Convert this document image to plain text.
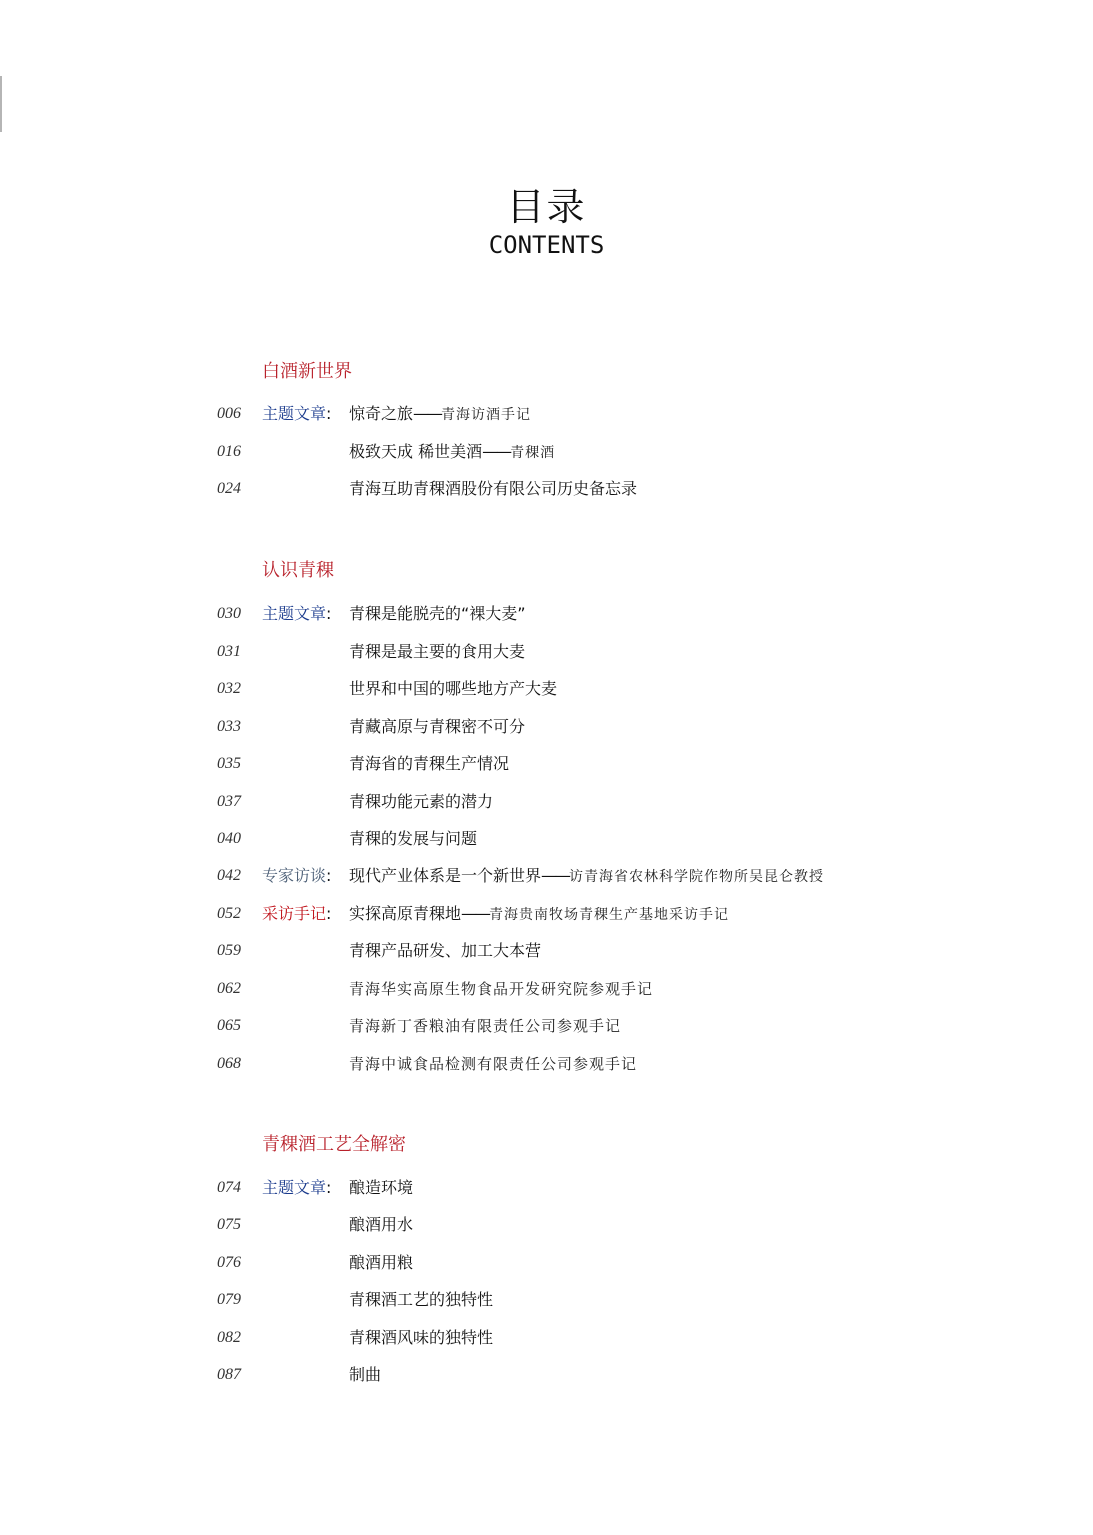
目录
CONTENTS
白酒新世界
006 主题文章: 惊奇之旅——青海访酒手记
016	极致天成 稀世美酒——青稞酒
024	青海互助青稞酒股份有限公司历史备忘录
认识青稞
030 主题文章: 青稞是能脱壳的“裸大麦”
031	青稞是最主要的食用大麦
032	世界和中国的哪些地方产大麦
033	青藏高原与青稞密不可分
035	青海省的青稞生产情况
037	青稞功能元素的潜力
040	青稞的发展与问题
042 专家访谈: 现代产业体系是一个新世界——访青海省农林科学院作物所吴昆仑教授
052 采访手记: 实探高原青稞地——青海贵南牧场青稞生产基地采访手记
059	青稞产品研发、加工大本营
062	青海华实高原生物食品开发研究院参观手记
065	青海新丁香粮油有限责任公司参观手记
068	青海中诚食品检测有限责任公司参观手记
青稞酒工艺全解密
074 主题文章: 酿造环境
075	酿酒用水
076	酿酒用粮
079	青稞酒工艺的独特性
082	青稞酒风味的独特性
087	制曲
